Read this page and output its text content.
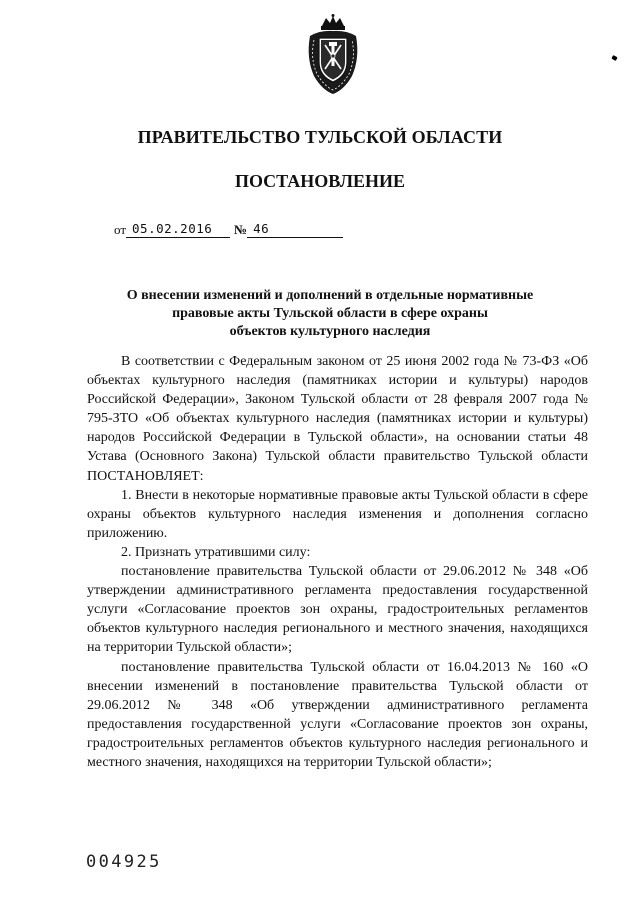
ПРАВИТЕЛЬСТВО ТУЛЬСКОЙ ОБЛАСТИ
ПОСТАНОВЛЕНИЕ
от 05.02.2016	№ 46
О внесении изменений и дополнений в отдельные нормативные
правовые акты Тульской области в сфере охраны
объектов культурного наследия

В соответствии с Федеральным законом от 25 июня 2002 года № 73-ФЗ «Об объектах культурного наследия (памятниках истории и культуры) народов Российской Федерации», Законом Тульской области от 28 февраля 2007 года № 795-ЗТО «Об объектах культурного наследия (памятниках истории и культуры) народов Российской Федерации в Тульской области», на основании статьи 48 Устава (Основного Закона) Тульской области правительство Тульской области ПОСТАНОВЛЯЕТ:

1. Внести в некоторые нормативные правовые акты Тульской области в сфере охраны объектов культурного наследия изменения и дополнения согласно приложению.

2. Признать утратившими силу:

постановление правительства Тульской области от 29.06.2012 № 348 «Об утверждении административного регламента предоставления государственной услуги «Согласование проектов зон охраны, градостроительных регламентов объектов культурного наследия регионального и местного значения, находящихся на территории Тульской области»;

постановление правительства Тульской области от 16.04.2013 № 160 «О внесении изменений в постановление правительства Тульской области от 29.06.2012 № 348 «Об утверждении административного регламента предоставления государственной услуги «Согласование проектов зон охраны, градостроительных регламентов объектов культурного наследия регионального и местного значения, находящихся на территории Тульской области»;

004925
